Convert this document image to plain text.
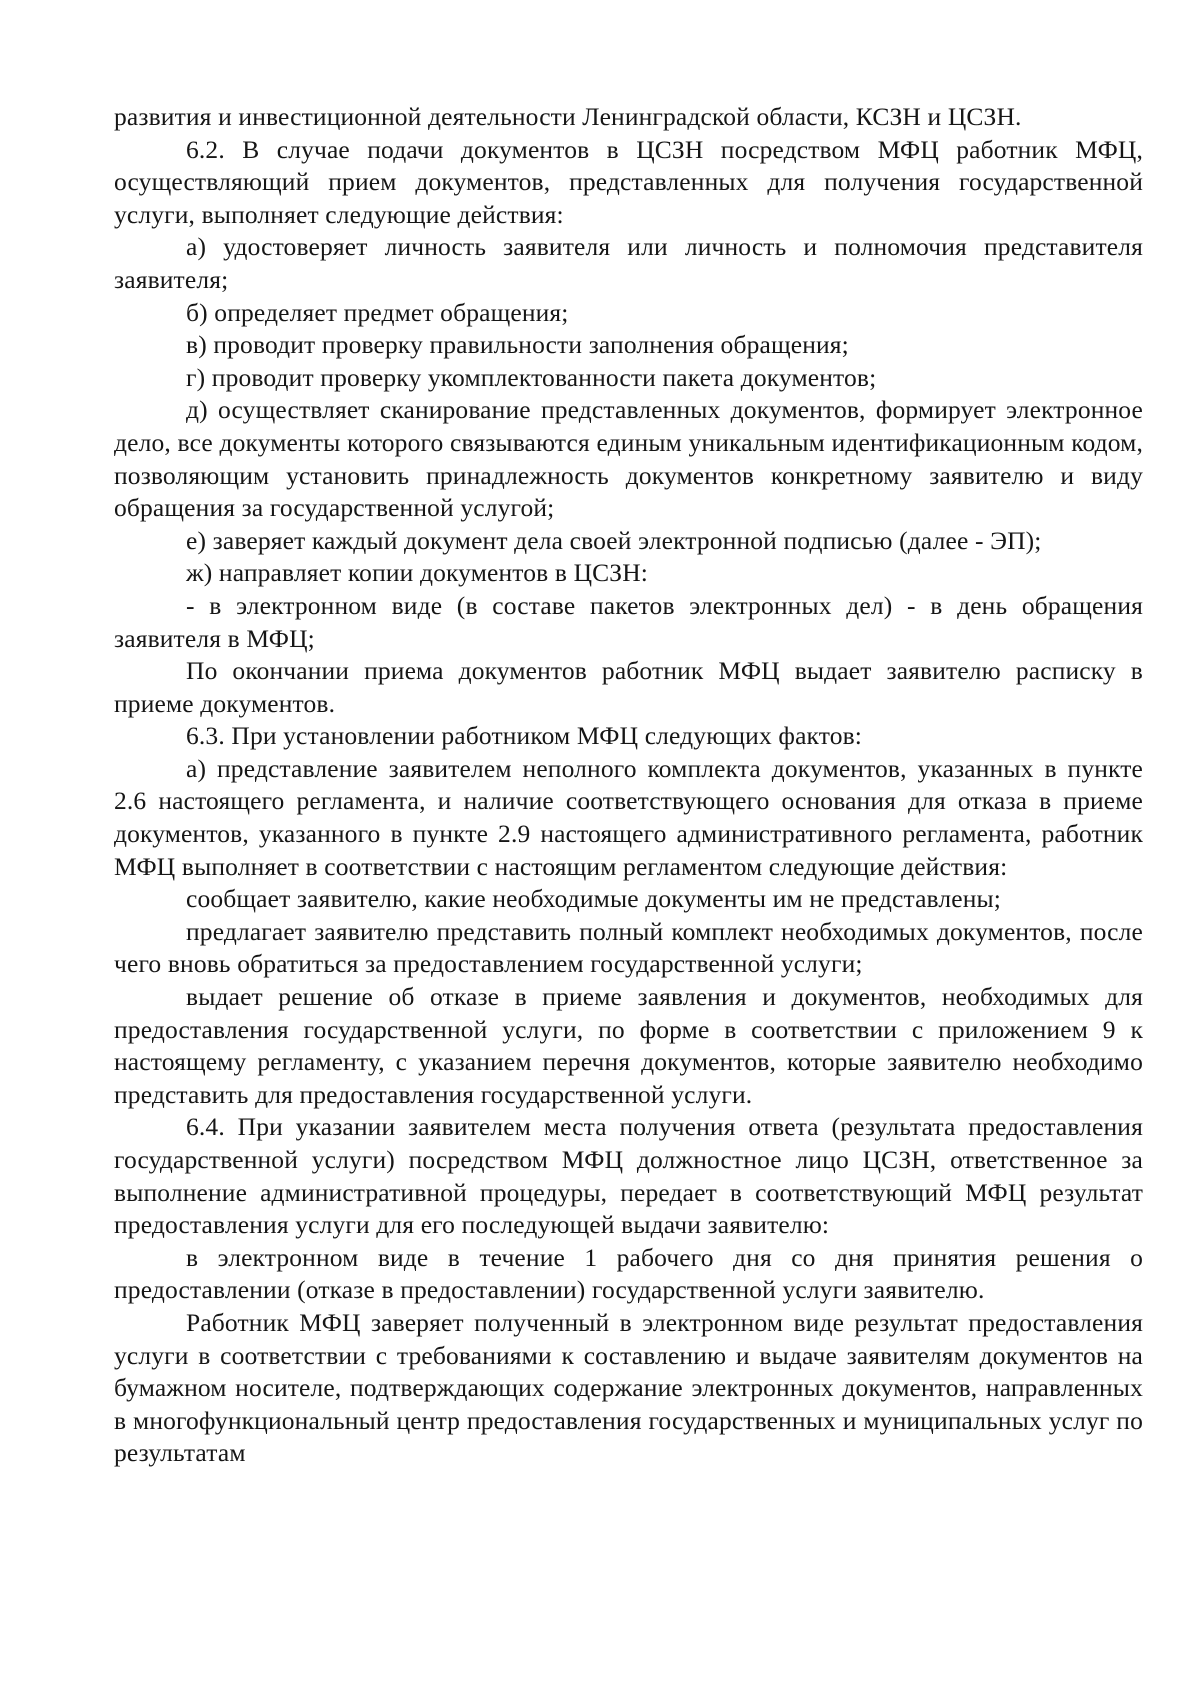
развития и инвестиционной деятельности Ленинградской области, КСЗН и ЦСЗН.

6.2. В случае подачи документов в ЦСЗН посредством МФЦ работник МФЦ, осуществляющий прием документов, представленных для получения государственной услуги, выполняет следующие действия:

а) удостоверяет личность заявителя или личность и полномочия представителя заявителя;

б) определяет предмет обращения;

в) проводит проверку правильности заполнения обращения;

г) проводит проверку укомплектованности пакета документов;

д) осуществляет сканирование представленных документов, формирует электронное дело, все документы которого связываются единым уникальным идентификационным кодом, позволяющим установить принадлежность документов конкретному заявителю и виду обращения за государственной услугой;

е) заверяет каждый документ дела своей электронной подписью (далее - ЭП);

ж) направляет копии документов в ЦСЗН:

- в электронном виде (в составе пакетов электронных дел) - в день обращения заявителя в МФЦ;

По окончании приема документов работник МФЦ выдает заявителю расписку в приеме документов.

6.3. При установлении работником МФЦ следующих фактов:

а) представление заявителем неполного комплекта документов, указанных в пункте 2.6 настоящего регламента, и наличие соответствующего основания для отказа в приеме документов, указанного в пункте 2.9 настоящего административного регламента, работник МФЦ выполняет в соответствии с настоящим регламентом следующие действия:

сообщает заявителю, какие необходимые документы им не представлены;

предлагает заявителю представить полный комплект необходимых документов, после чего вновь обратиться за предоставлением государственной услуги;

выдает решение об отказе в приеме заявления и документов, необходимых для предоставления государственной услуги, по форме в соответствии с приложением 9 к настоящему регламенту, с указанием перечня документов, которые заявителю необходимо представить для предоставления государственной услуги.

6.4. При указании заявителем места получения ответа (результата предоставления государственной услуги) посредством МФЦ должностное лицо ЦСЗН, ответственное за выполнение административной процедуры, передает в соответствующий МФЦ результат предоставления услуги для его последующей выдачи заявителю:

в электронном виде в течение 1 рабочего дня со дня принятия решения о предоставлении (отказе в предоставлении) государственной услуги заявителю.

Работник МФЦ заверяет полученный в электронном виде результат предоставления услуги в соответствии с требованиями к составлению и выдаче заявителям документов на бумажном носителе, подтверждающих содержание электронных документов, направленных в многофункциональный центр предоставления государственных и муниципальных услуг по результатам
